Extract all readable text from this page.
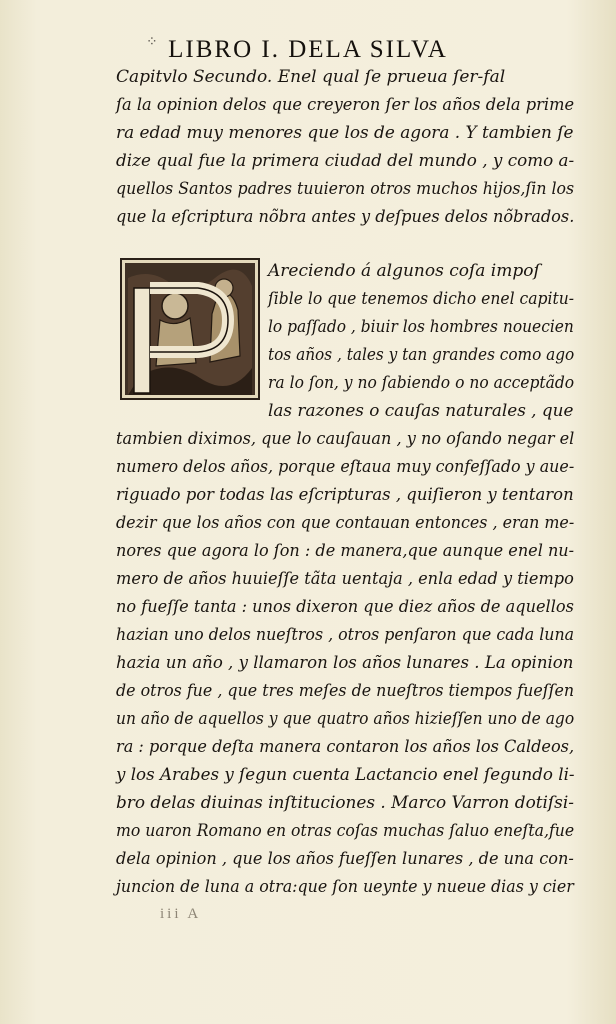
⁘ LIBRO I. DELA SILVA
Capitvlo Secundo. Enel qual ſe prueua ſer-fal
ſa la opinion delos que creyeron ſer los años dela prime
ra edad muy menores que los de agora . Y tambien ſe
dize qual fue la primera ciudad del mundo , y como a-
quellos Santos padres tuuieron otros muchos hijos,ſin los
que la eſcriptura nõbra antes y deſpues delos nõbrados.
Areciendo á algunos coſa impoſ
ſible lo que tenemos dicho enel capitu-
lo paſſado , biuir los hombres nouecien
tos años , tales y tan grandes como ago
ra lo ſon, y no ſabiendo o no acceptãdo
las razones o cauſas naturales , que
tambien diximos, que lo cauſauan , y no oſando negar el
numero delos años, porque eſtaua muy confeſſado y aue-
riguado por todas las eſcripturas , quiſieron y tentaron
dezir que los años con que contauan entonces , eran me-
nores que agora lo ſon : de manera,que aunque enel nu-
mero de años huuieſſe tãta uentaja , enla edad y tiempo
no fueſſe tanta : unos dixeron que diez años de aquellos
hazian uno delos nueſtros , otros penſaron que cada luna
hazia un año , y llamaron los años lunares . La opinion
de otros fue , que tres meſes de nueſtros tiempos fueſſen
un año de aquellos y que quatro años hizieſſen uno de ago
ra : porque deſta manera contaron los años los Caldeos,
y los Arabes y ſegun cuenta Lactancio enel ſegundo li-
bro delas diuinas inſtituciones . Marco Varron dotiſsi-
mo uaron Romano en otras coſas muchas ſaluo eneſta,fue
dela opinion , que los años fueſſen lunares , de una con-
juncion de luna a otra:que ſon ueynte y nueue dias y cier
iii A
